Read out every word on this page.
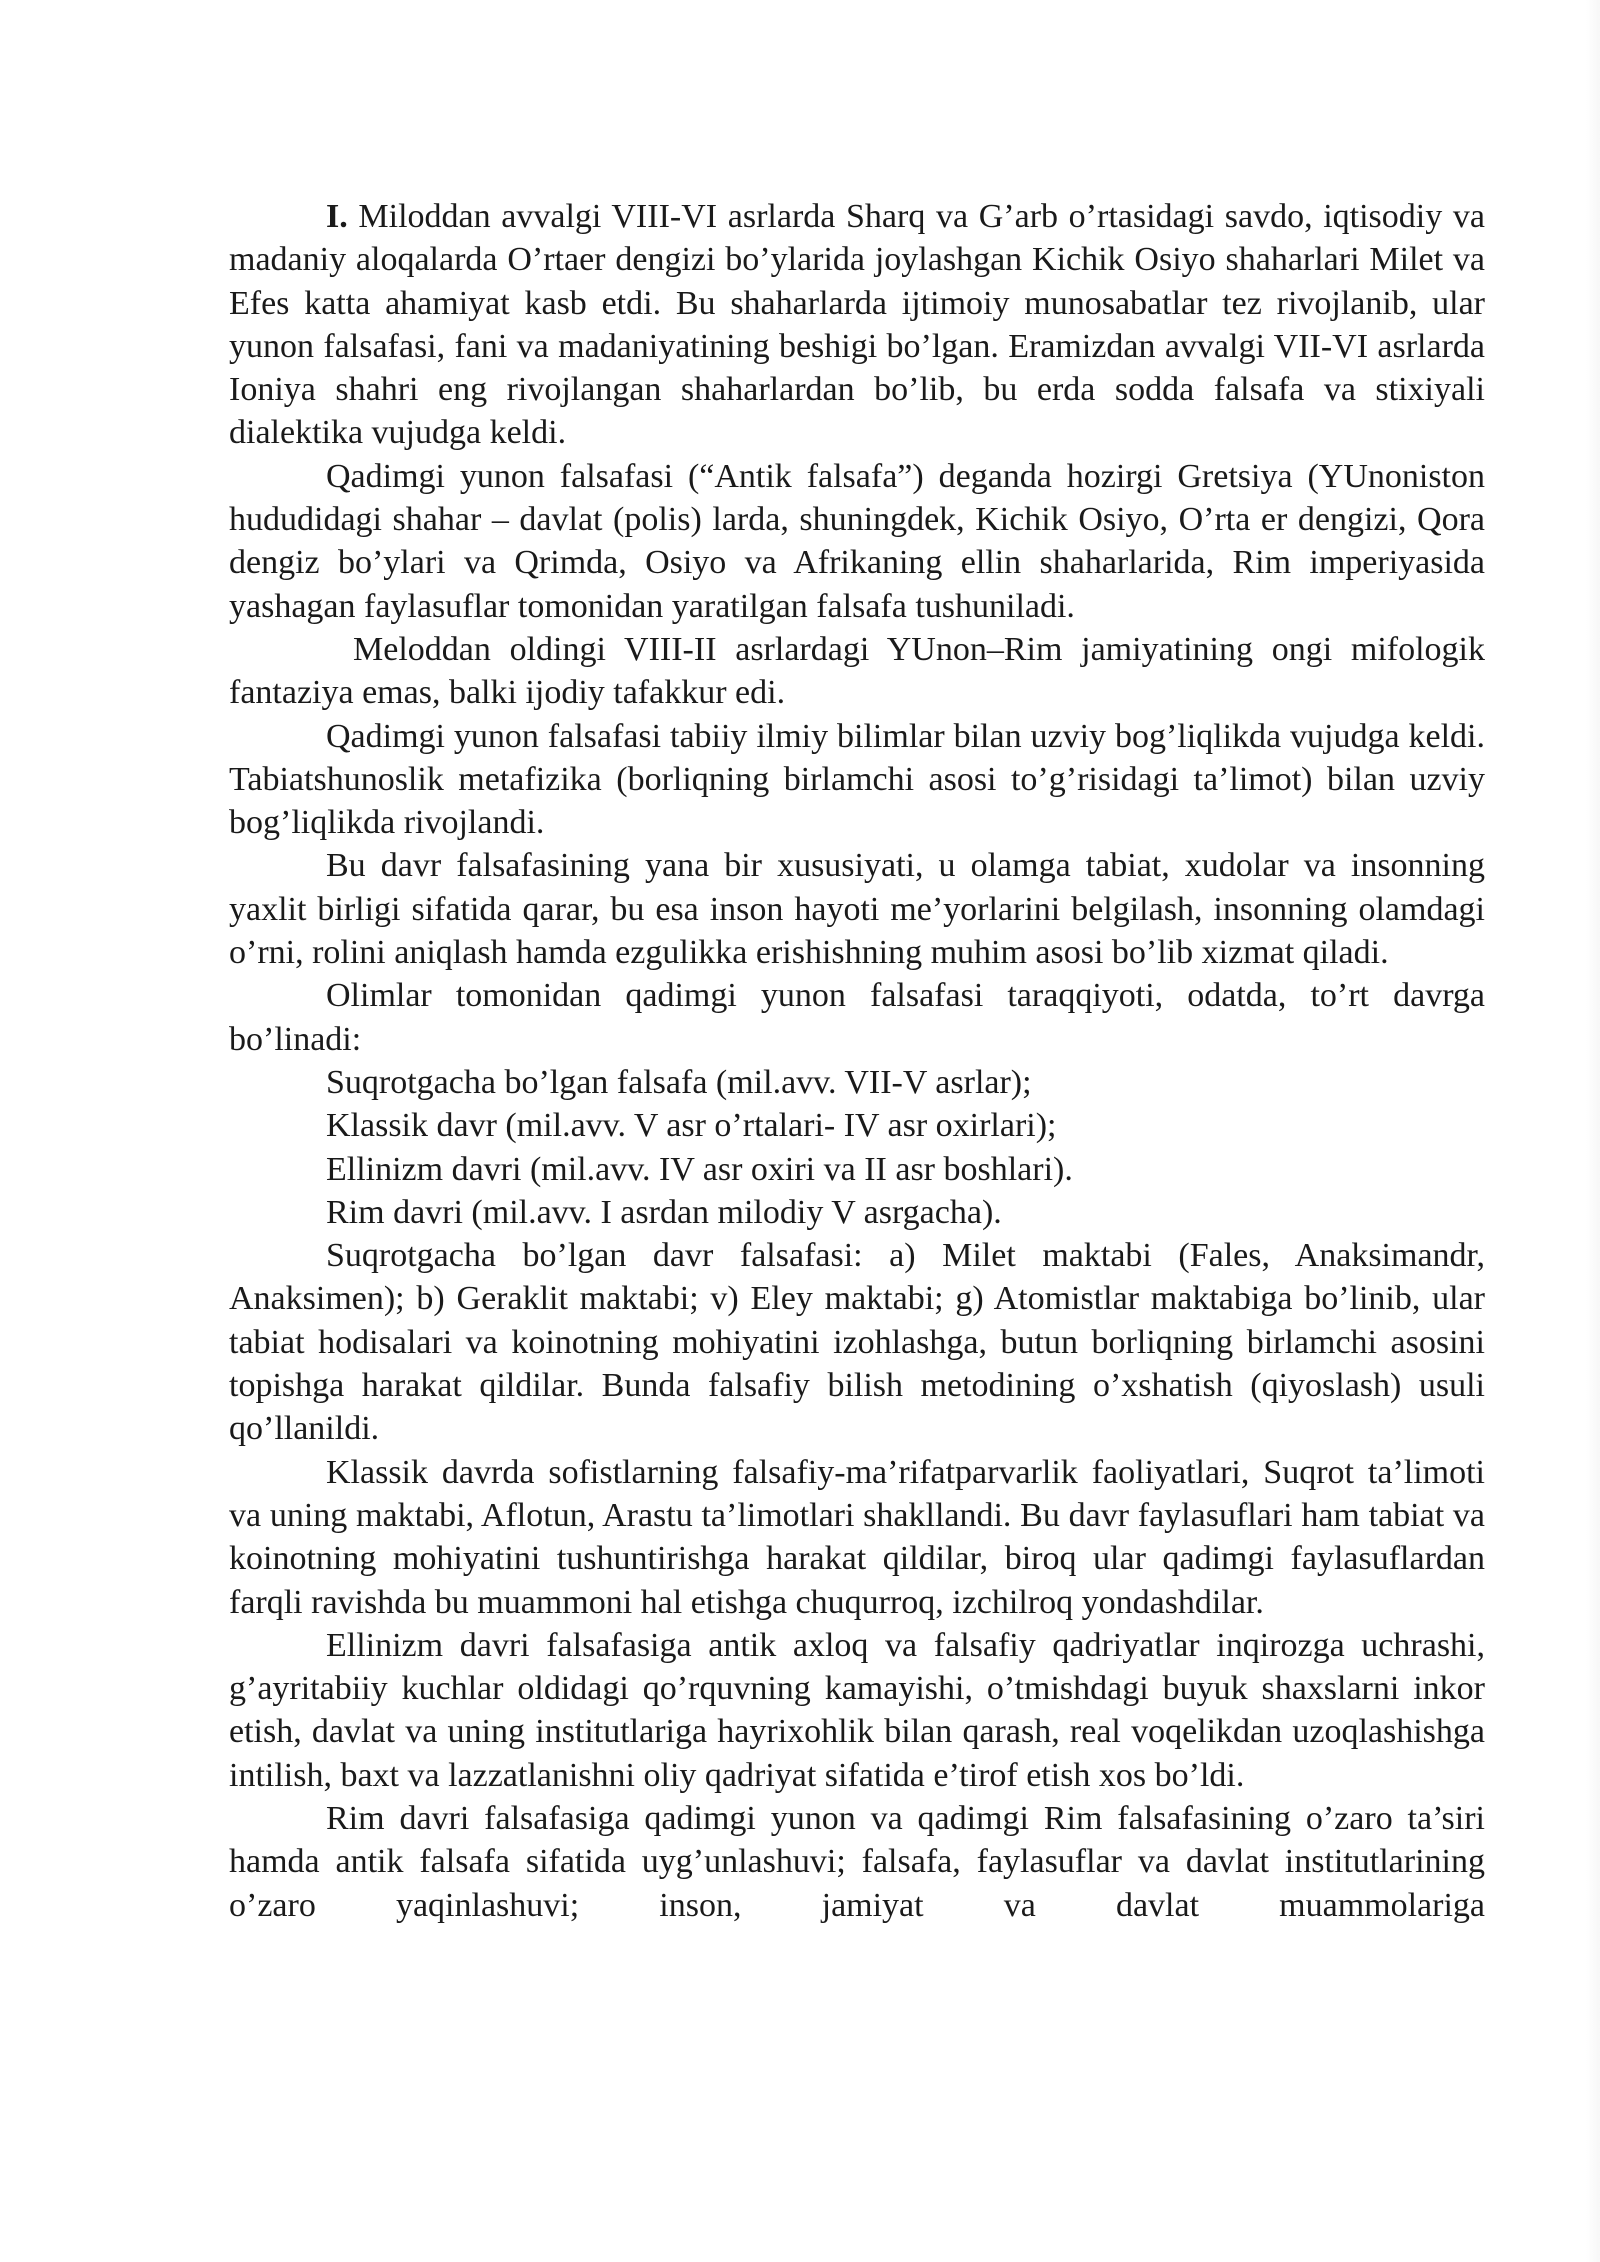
I. Miloddan avvalgi VIII-VI asrlarda Sharq va G’arb o’rtasidagi savdo, iqtisodiy va madaniy aloqalarda O’rtaer dengizi bo’ylarida joylashgan Kichik Osiyo shaharlari Milet va Efes katta ahamiyat kasb etdi. Bu shaharlarda ijtimoiy munosabatlar tez rivojlanib, ular yunon falsafasi, fani va madaniyatining beshigi bo’lgan. Eramizdan avvalgi VII-VI asrlarda Ioniya shahri eng rivojlangan shaharlardan bo’lib, bu erda sodda falsafa va stixiyali dialektika vujudga keldi.

Qadimgi yunon falsafasi (“Antik falsafa”) deganda hozirgi Gretsiya (YUnoniston hududidagi shahar – davlat (polis) larda, shuningdek, Kichik Osiyo, O’rta er dengizi, Qora dengiz bo’ylari va Qrimda, Osiyo va Afrikaning ellin shaharlarida, Rim imperiyasida yashagan faylasuflar tomonidan yaratilgan falsafa tushuniladi.

Meloddan oldingi VIII-II asrlardagi YUnon–Rim jamiyatining ongi mifologik fantaziya emas, balki ijodiy tafakkur edi.

Qadimgi yunon falsafasi tabiiy ilmiy bilimlar bilan uzviy bog’liqlikda vujudga keldi. Tabiatshunoslik metafizika (borliqning birlamchi asosi to’g’risidagi ta’limot) bilan uzviy bog’liqlikda rivojlandi.

Bu davr falsafasining yana bir xususiyati, u olamga tabiat, xudolar va insonning yaxlit birligi sifatida qarar, bu esa inson hayoti me’yorlarini belgilash, insonning olamdagi o’rni, rolini aniqlash hamda ezgulikka erishishning muhim asosi bo’lib xizmat qiladi.

Olimlar tomonidan qadimgi yunon falsafasi taraqqiyoti, odatda, to’rt davrga bo’linadi:

Suqrotgacha bo’lgan falsafa (mil.avv. VII-V asrlar);

Klassik davr (mil.avv. V asr o’rtalari- IV asr oxirlari);

Ellinizm davri (mil.avv. IV asr oxiri va II asr boshlari).

Rim davri (mil.avv. I asrdan milodiy V asrgacha).

Suqrotgacha bo’lgan davr falsafasi: a) Milet maktabi (Fales, Anaksimandr, Anaksimen); b) Geraklit maktabi; v) Eley maktabi; g) Atomistlar maktabiga bo’linib, ular tabiat hodisalari va koinotning mohiyatini izohlashga, butun borliqning birlamchi asosini topishga harakat qildilar. Bunda falsafiy bilish metodining o’xshatish (qiyoslash) usuli qo’llanildi.

Klassik davrda sofistlarning falsafiy-ma’rifatparvarlik faoliyatlari, Suqrot ta’limoti va uning maktabi, Aflotun, Arastu ta’limotlari shakllandi. Bu davr faylasuflari ham tabiat va koinotning mohiyatini tushuntirishga harakat qildilar, biroq ular qadimgi faylasuflardan farqli ravishda bu muammoni hal etishga chuqurroq, izchilroq yondashdilar.

Ellinizm davri falsafasiga antik axloq va falsafiy qadriyatlar inqirozga uchrashi, g’ayritabiiy kuchlar oldidagi qo’rquvning kamayishi, o’tmishdagi buyuk shaxslarni inkor etish, davlat va uning institutlariga hayrixohlik bilan qarash, real voqelikdan uzoqlashishga intilish, baxt va lazzatlanishni oliy qadriyat sifatida e’tirof etish xos bo’ldi.

Rim davri falsafasiga qadimgi yunon va qadimgi Rim falsafasining o’zaro ta’siri hamda antik falsafa sifatida uyg’unlashuvi; falsafa, faylasuflar va davlat institutlarining o’zaro yaqinlashuvi; inson, jamiyat va davlat muammolariga
